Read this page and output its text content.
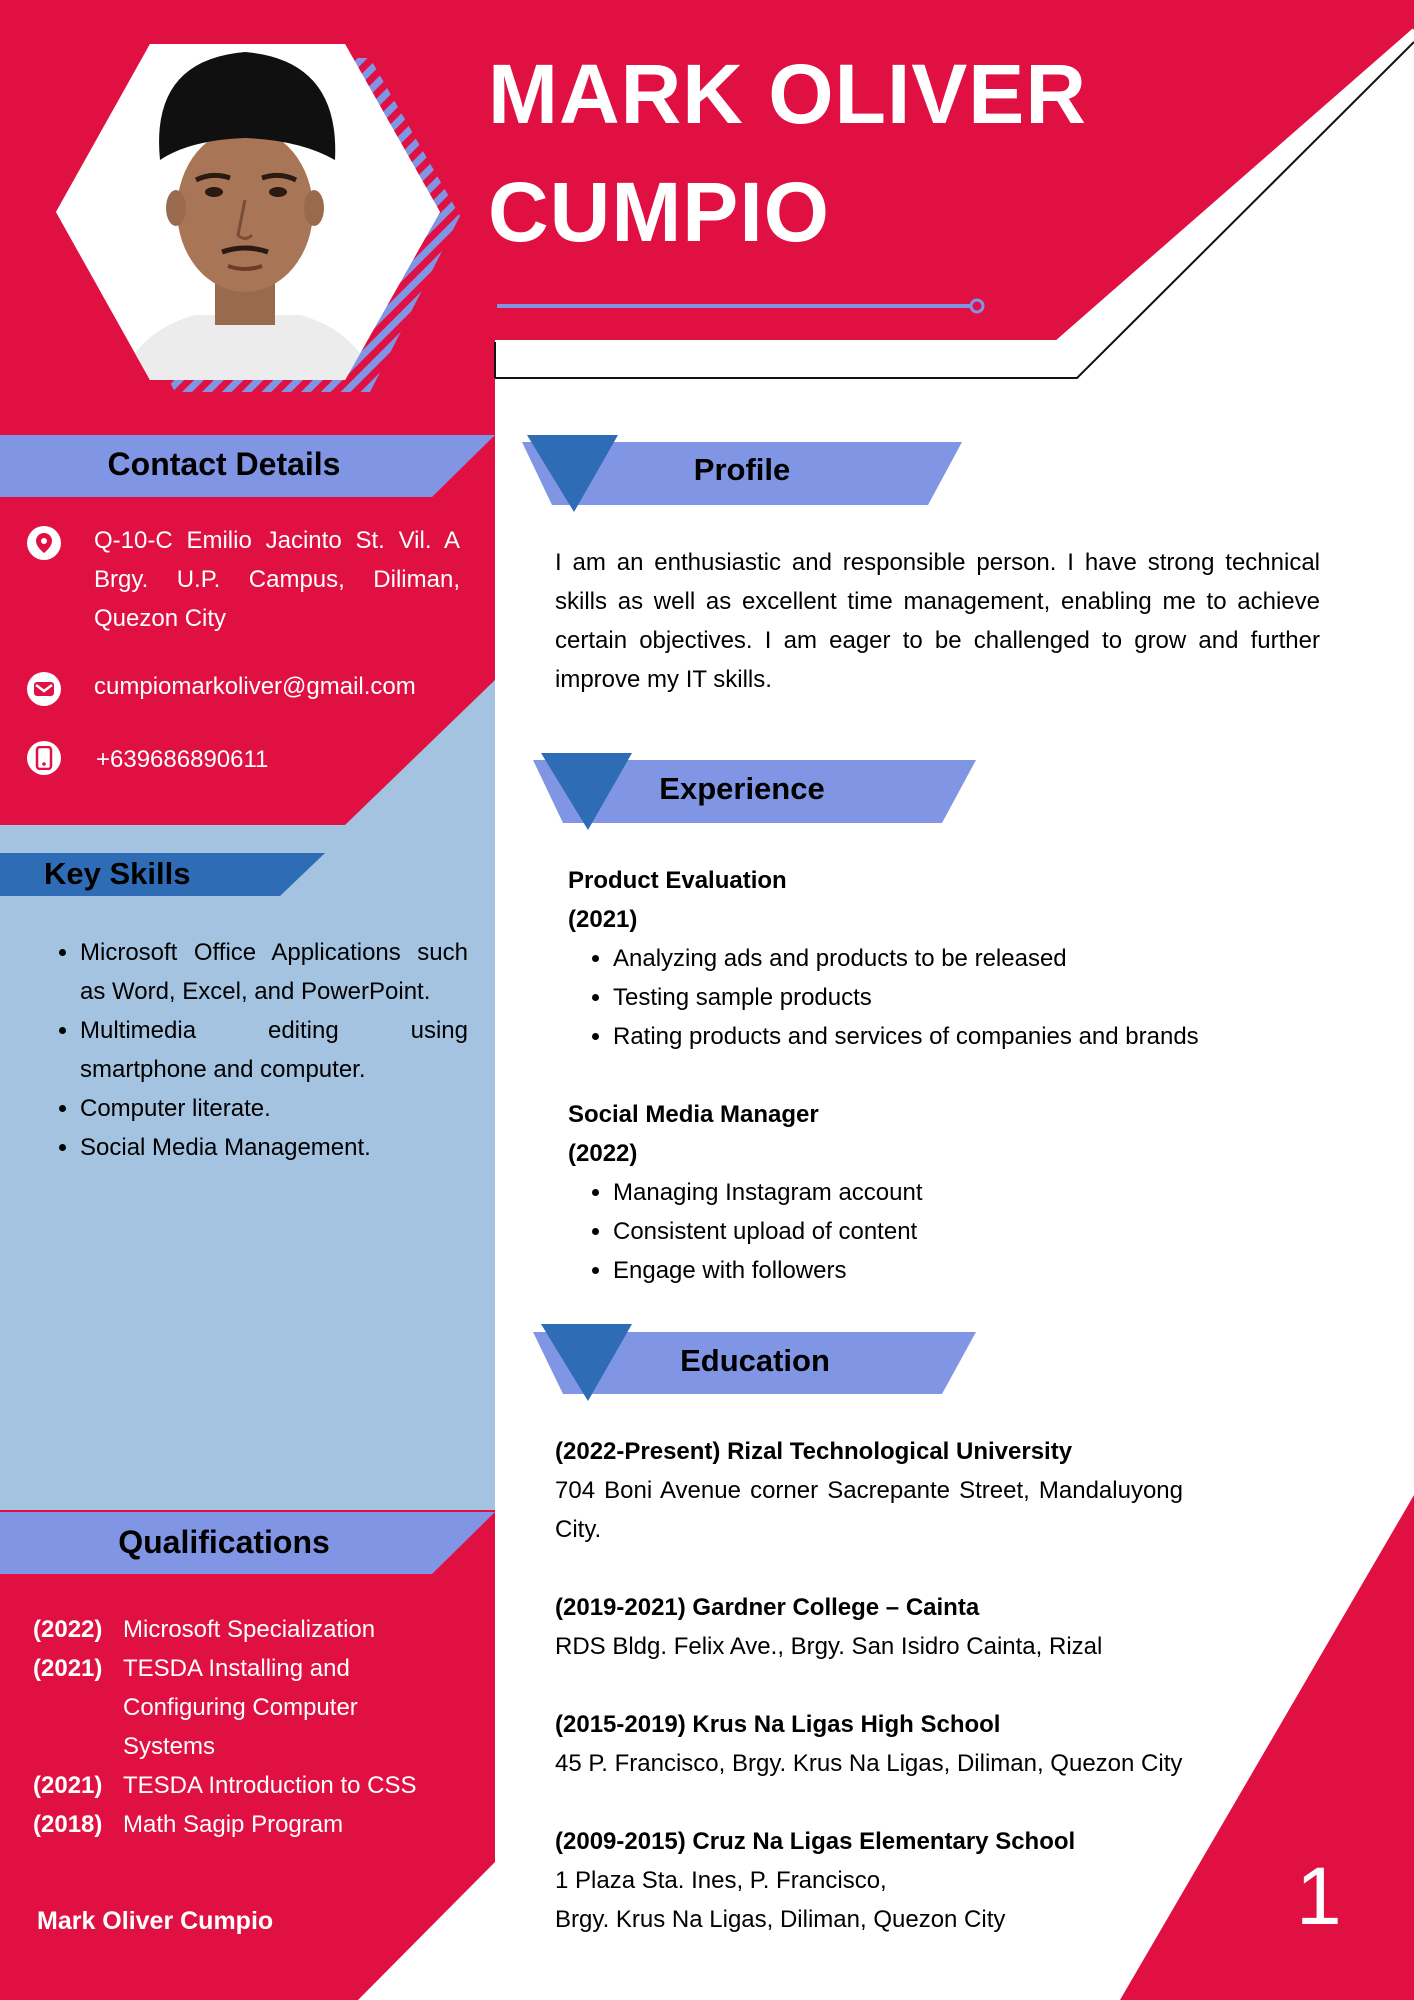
MARK OLIVER
CUMPIO
Contact Details
Q-10-C Emilio Jacinto St. Vil. A Brgy. U.P. Campus, Diliman, Quezon City
cumpiomarkoliver@gmail.com
+639686890611
Key Skills
• Microsoft Office Applications such as Word, Excel, and PowerPoint.
• Multimedia editing using smartphone and computer.
• Computer literate.
• Social Media Management.
Qualifications
(2022) Microsoft Specialization
(2021) TESDA Installing and Configuring Computer Systems
(2021) TESDA Introduction to CSS
(2018) Math Sagip Program
Mark Oliver Cumpio
Profile
I am an enthusiastic and responsible person. I have strong technical skills as well as excellent time management, enabling me to achieve certain objectives. I am eager to be challenged to grow and further improve my IT skills.
Experience
Product Evaluation
(2021)
• Analyzing ads and products to be released
• Testing sample products
• Rating products and services of companies and brands
Social Media Manager
(2022)
• Managing Instagram account
• Consistent upload of content
• Engage with followers
Education
(2022-Present) Rizal Technological University
704 Boni Avenue corner Sacrepante Street, Mandaluyong City.
(2019-2021) Gardner College – Cainta
RDS Bldg. Felix Ave., Brgy. San Isidro Cainta, Rizal
(2015-2019) Krus Na Ligas High School
45 P. Francisco, Brgy. Krus Na Ligas, Diliman, Quezon City
(2009-2015) Cruz Na Ligas Elementary School
1 Plaza Sta. Ines, P. Francisco,
Brgy. Krus Na Ligas, Diliman, Quezon City	1
